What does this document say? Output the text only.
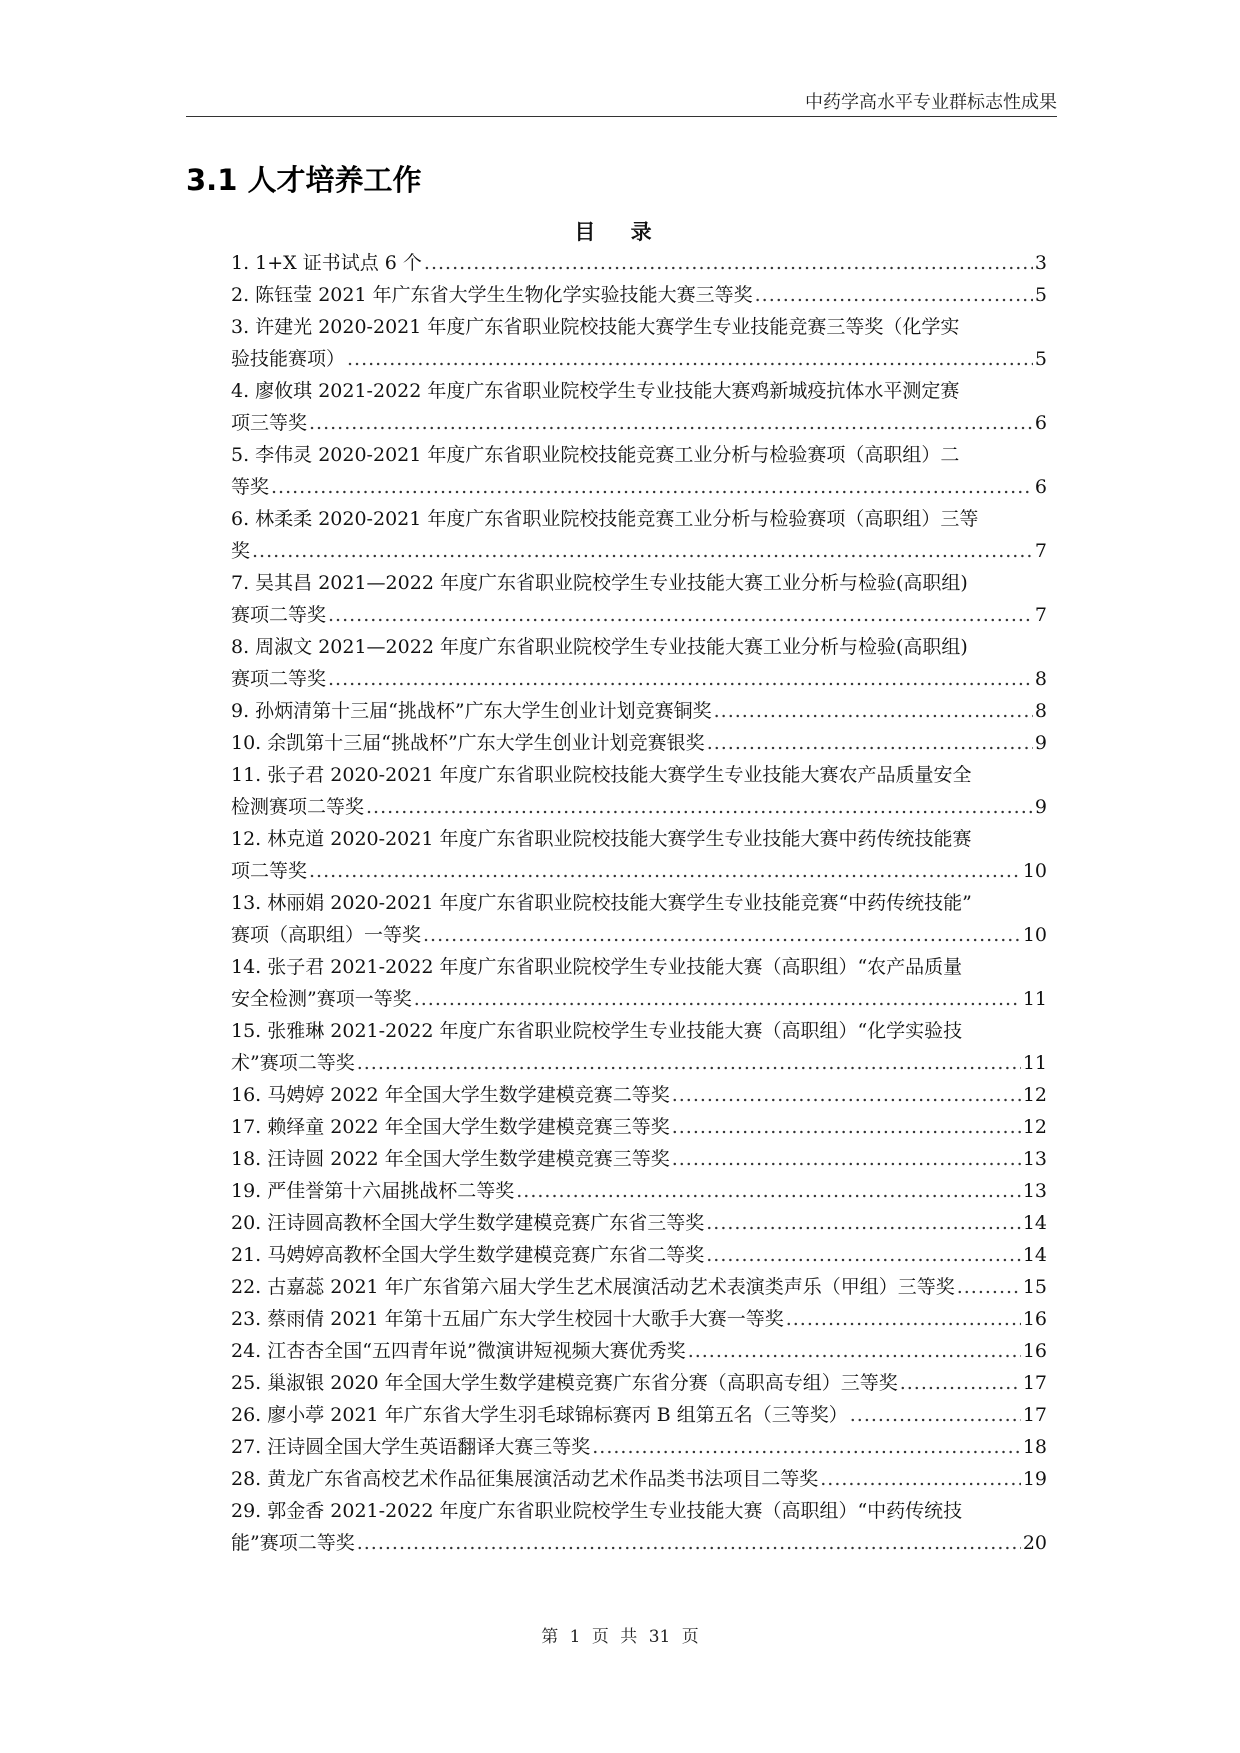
中药学高水平专业群标志性成果
3.1 人才培养工作
目 录
1. 1+X 证书试点 6 个 .....	3
2. 陈钰莹 2021 年广东省大学生生物化学实验技能大赛三等奖 .....	5
3. 许建光 2020-2021 年度广东省职业院校技能大赛学生专业技能竞赛三等奖（化学实
验技能赛项） .....	5
4. 廖攸琪 2021-2022 年度广东省职业院校学生专业技能大赛鸡新城疫抗体水平测定赛
项三等奖 .....	6
5. 李伟灵 2020-2021 年度广东省职业院校技能竞赛工业分析与检验赛项（高职组）二
等奖 .....	6
6. 林柔柔 2020-2021 年度广东省职业院校技能竞赛工业分析与检验赛项（高职组）三等
奖 .....	7
7. 吴其昌 2021—2022 年度广东省职业院校学生专业技能大赛工业分析与检验(高职组)
赛项二等奖 .....	7
8. 周淑文 2021—2022 年度广东省职业院校学生专业技能大赛工业分析与检验(高职组)
赛项二等奖 .....	8
9. 孙炳清第十三届“挑战杯”广东大学生创业计划竞赛铜奖 .....	8
10. 余凯第十三届“挑战杯”广东大学生创业计划竞赛银奖 .....	9
11. 张子君 2020-2021 年度广东省职业院校技能大赛学生专业技能大赛农产品质量安全
检测赛项二等奖 .....	9
12. 林克道 2020-2021 年度广东省职业院校技能大赛学生专业技能大赛中药传统技能赛
项二等奖 .....	10
13. 林丽娟 2020-2021 年度广东省职业院校技能大赛学生专业技能竞赛“中药传统技能”
赛项（高职组）一等奖 .....	10
14. 张子君 2021-2022 年度广东省职业院校学生专业技能大赛（高职组）“农产品质量
安全检测”赛项一等奖 .....	11
15. 张雅琳 2021-2022 年度广东省职业院校学生专业技能大赛（高职组）“化学实验技
术”赛项二等奖 .....	11
16. 马娉婷 2022 年全国大学生数学建模竞赛二等奖 .....	12
17. 赖绎童 2022 年全国大学生数学建模竞赛三等奖 .....	12
18. 汪诗圆 2022 年全国大学生数学建模竞赛三等奖 .....	13
19. 严佳誉第十六届挑战杯二等奖 .....	13
20. 汪诗圆高教杯全国大学生数学建模竞赛广东省三等奖 .....	14
21. 马娉婷高教杯全国大学生数学建模竞赛广东省二等奖 .....	14
22. 古嘉蕊 2021 年广东省第六届大学生艺术展演活动艺术表演类声乐（甲组）三等奖 .....	15
23. 蔡雨倩 2021 年第十五届广东大学生校园十大歌手大赛一等奖 .....	16
24. 江杏杏全国“五四青年说”微演讲短视频大赛优秀奖 .....	16
25. 巢淑银 2020 年全国大学生数学建模竞赛广东省分赛（高职高专组）三等奖 .....	17
26. 廖小葶 2021 年广东省大学生羽毛球锦标赛丙 B 组第五名（三等奖） .....	17
27. 汪诗圆全国大学生英语翻译大赛三等奖 .....	18
28. 黄龙广东省高校艺术作品征集展演活动艺术作品类书法项目二等奖 .....	19
29. 郭金香 2021-2022 年度广东省职业院校学生专业技能大赛（高职组）“中药传统技
能”赛项二等奖 .....	20
第 1 页 共 31 页
